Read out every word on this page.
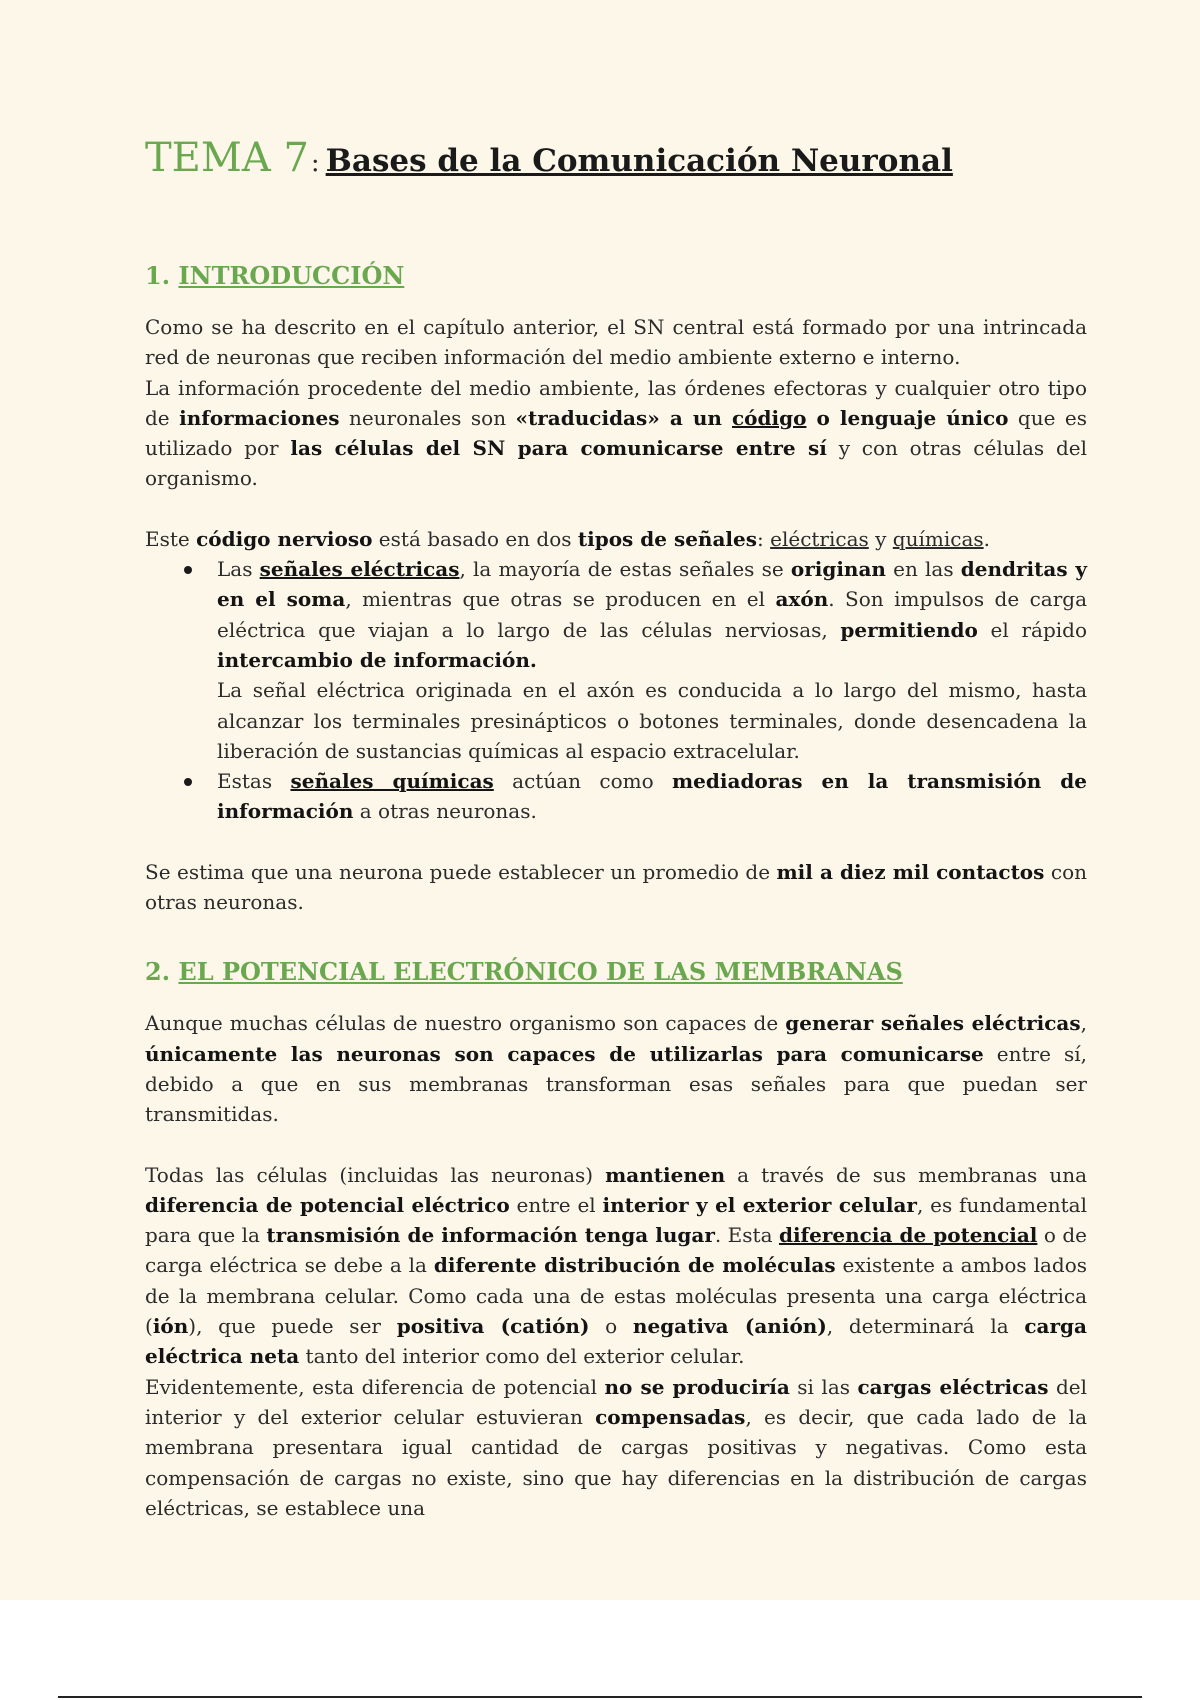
TEMA 7 : Bases de la Comunicación Neuronal
1. INTRODUCCIÓN

Como se ha descrito en el capítulo anterior, el SN central está formado por una intrincada red de neuronas que reciben información del medio ambiente externo e interno.

La información procedente del medio ambiente, las órdenes efectoras y cualquier otro tipo de informaciones neuronales son «traducidas» a un código o lenguaje único que es utilizado por las células del SN para comunicarse entre sí y con otras células del organismo.

Este código nervioso está basado en dos tipos de señales: eléctricas y químicas.

Las señales eléctricas, la mayoría de estas señales se originan en las dendritas y en el soma, mientras que otras se producen en el axón. Son impulsos de carga eléctrica que viajan a lo largo de las células nerviosas, permitiendo el rápido intercambio de información.
La señal eléctrica originada en el axón es conducida a lo largo del mismo, hasta alcanzar los terminales presinápticos o botones terminales, donde desencadena la liberación de sustancias químicas al espacio extracelular.
Estas señales químicas actúan como mediadoras en la transmisión de información a otras neuronas.

Se estima que una neurona puede establecer un promedio de mil a diez mil contactos con otras neuronas.

2. EL POTENCIAL ELECTRÓNICO DE LAS MEMBRANAS

Aunque muchas células de nuestro organismo son capaces de generar señales eléctricas, únicamente las neuronas son capaces de utilizarlas para comunicarse entre sí, debido a que en sus membranas transforman esas señales para que puedan ser transmitidas.

Todas las células (incluidas las neuronas) mantienen a través de sus membranas una diferencia de potencial eléctrico entre el interior y el exterior celular, es fundamental para que la transmisión de información tenga lugar. Esta diferencia de potencial o de carga eléctrica se debe a la diferente distribución de moléculas existente a ambos lados de la membrana celular. Como cada una de estas moléculas presenta una carga eléctrica (ión), que puede ser positiva (catión) o negativa (anión), determinará la carga eléctrica neta tanto del interior como del exterior celular.

Evidentemente, esta diferencia de potencial no se produciría si las cargas eléctricas del interior y del exterior celular estuvieran compensadas, es decir, que cada lado de la membrana presentara igual cantidad de cargas positivas y negativas. Como esta compensación de cargas no existe, sino que hay diferencias en la distribución de cargas eléctricas, se establece una
